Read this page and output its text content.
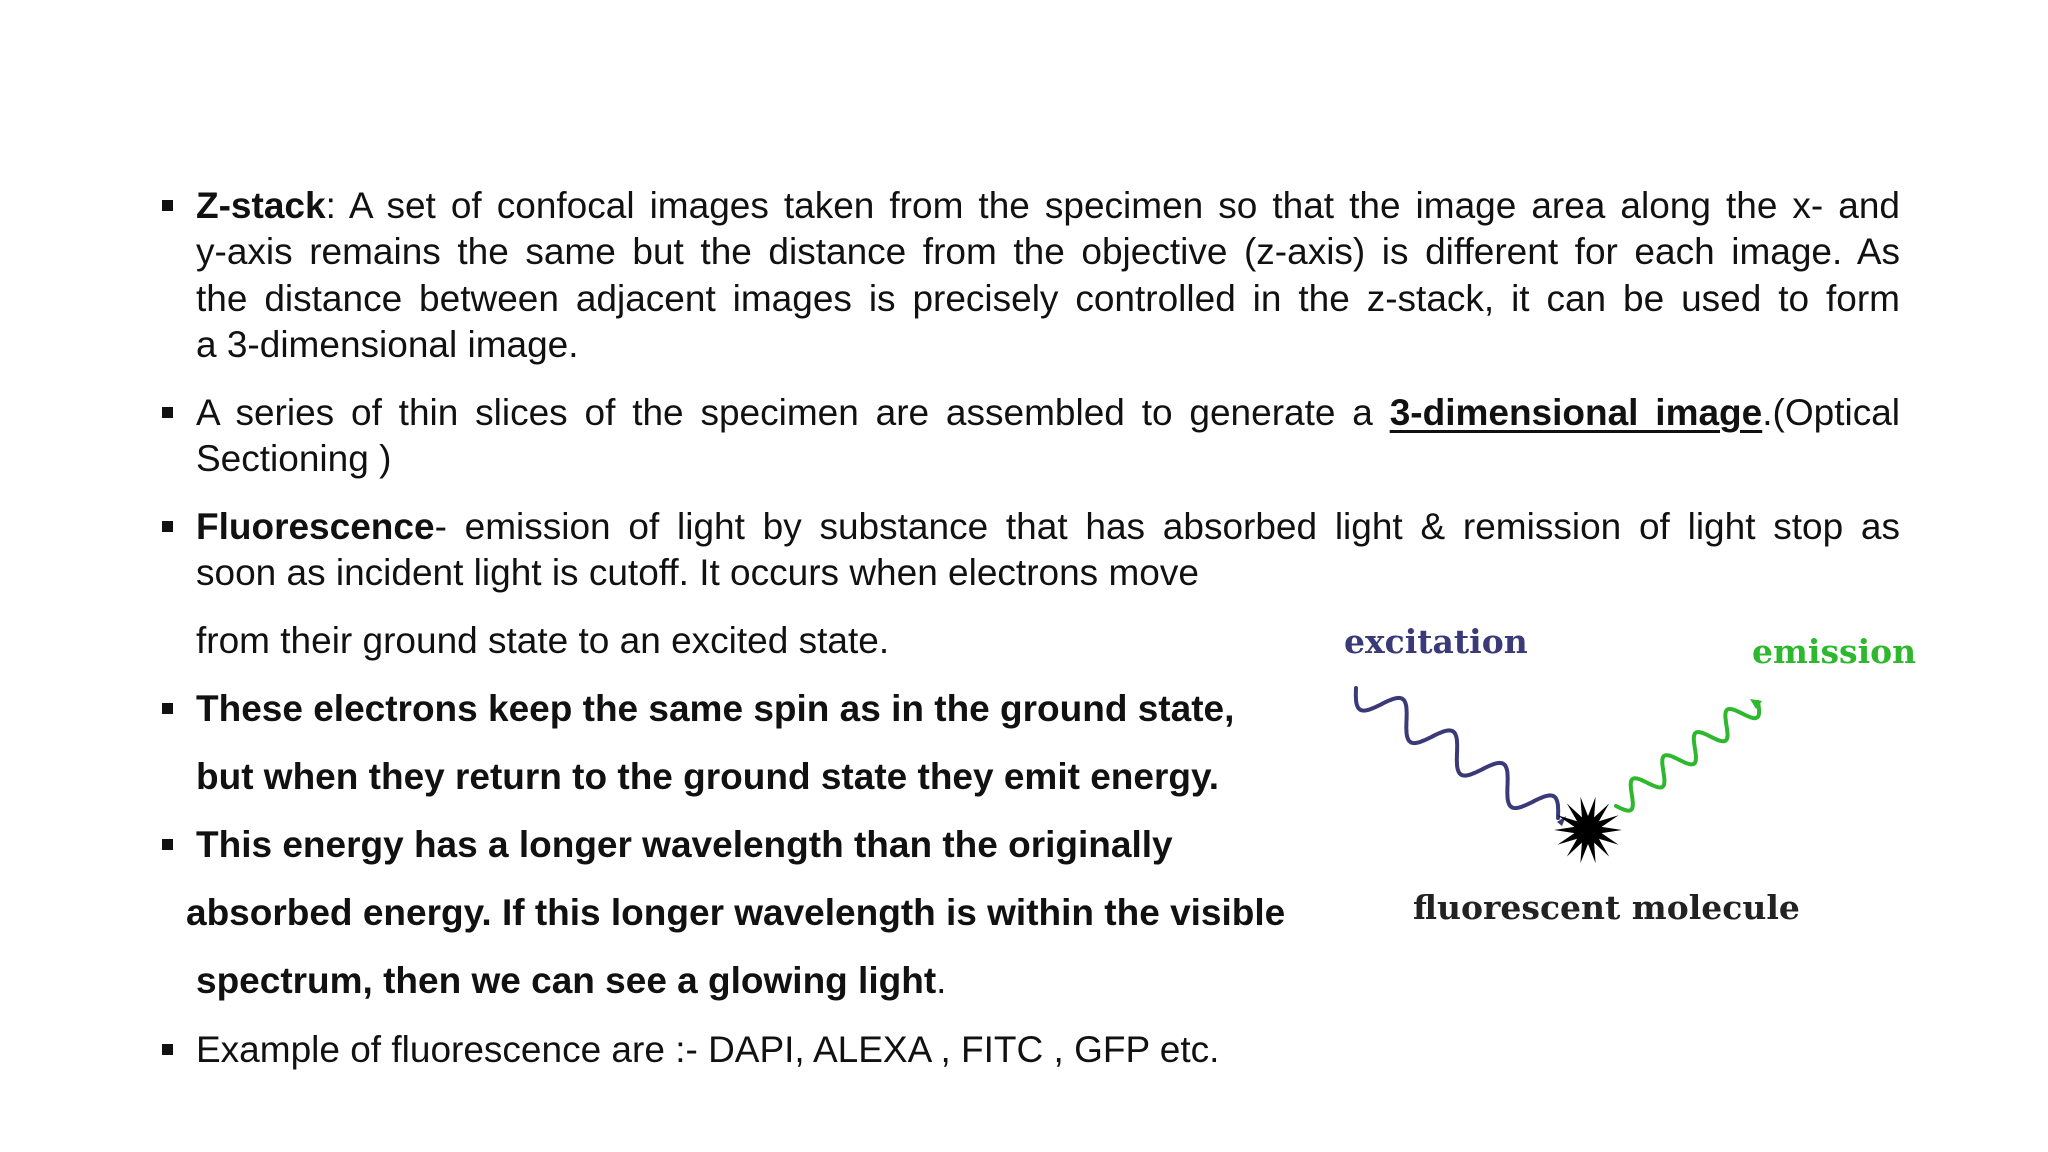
Z-stack: A set of confocal images taken from the specimen so that the image area along the x- and

y-axis remains the same but the distance from the objective (z-axis) is different for each image. As

the distance between adjacent images is precisely controlled in the z-stack, it can be used to form

a 3-dimensional image.

A series of thin slices of the specimen are assembled to generate a 3-dimensional image.(Optical

Sectioning )

Fluorescence- emission of light by substance that has absorbed light & remission of light stop as

soon as incident light is cutoff. It occurs when electrons move

from their ground state to an excited state.

These electrons keep the same spin as in the ground state,

but when they return to the ground state they emit energy.

This energy has a longer wavelength than the originally

absorbed energy. If this longer wavelength is within the visible

spectrum, then we can see a glowing light.

Example of fluorescence are :- DAPI, ALEXA , FITC , GFP etc.

excitation	emission
fluorescent molecule
